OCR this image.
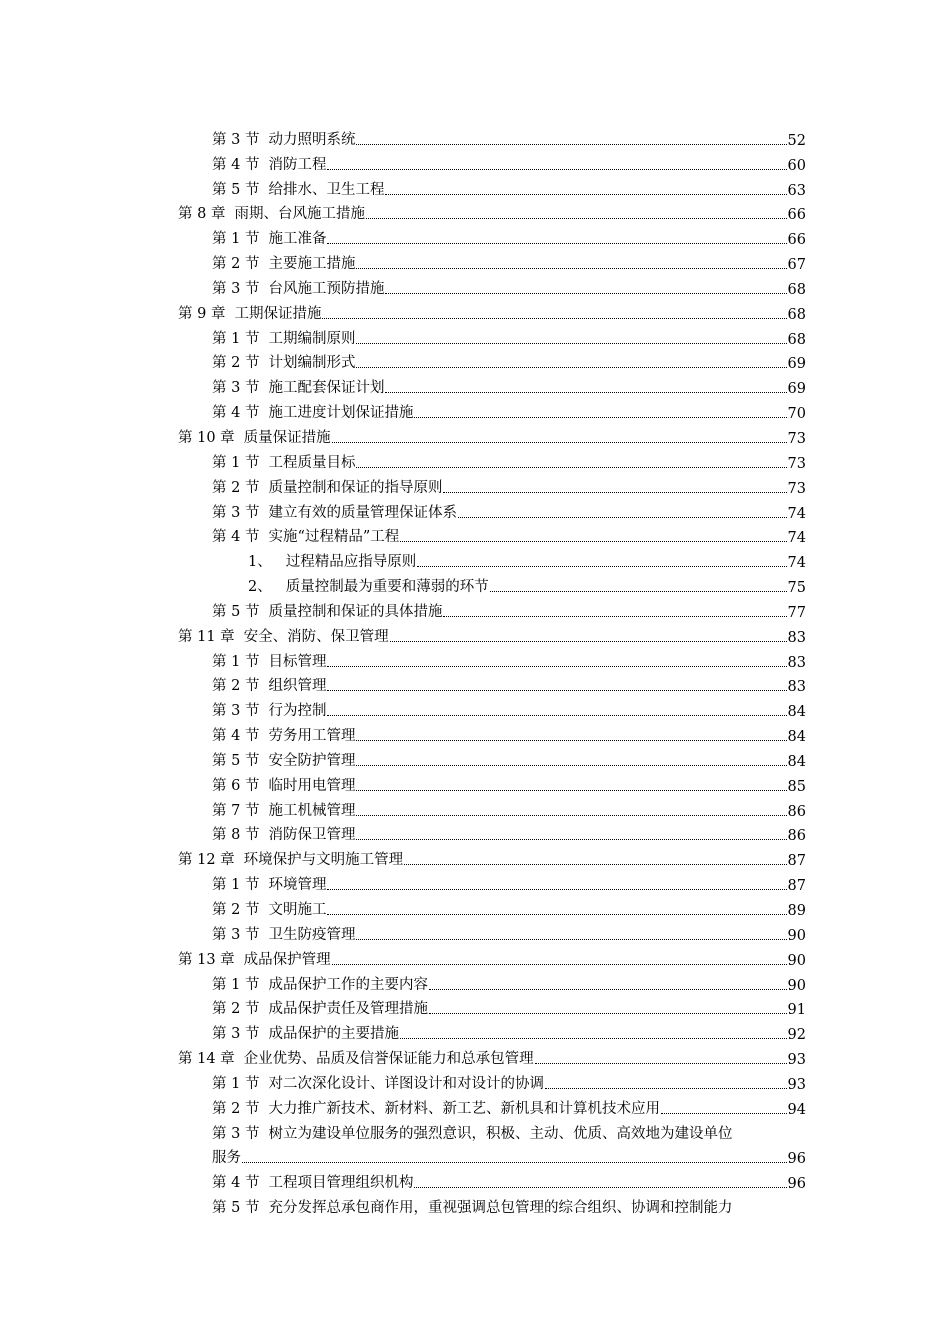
第 3 节 动力照明系统	52
第 4 节 消防工程	60
第 5 节 给排水、卫生工程	63
第 8 章 雨期、台风施工措施	66
第 1 节 施工准备	66
第 2 节 主要施工措施	67
第 3 节 台风施工预防措施	68
第 9 章 工期保证措施	68
第 1 节 工期编制原则	68
第 2 节 计划编制形式	69
第 3 节 施工配套保证计划	69
第 4 节 施工进度计划保证措施	70
第 10 章 质量保证措施	73
第 1 节 工程质量目标	73
第 2 节 质量控制和保证的指导原则	73
第 3 节 建立有效的质量管理保证体系	74
第 4 节 实施“过程精品”工程	74
1、 过程精品应指导原则	74
2、 质量控制最为重要和薄弱的环节	75
第 5 节 质量控制和保证的具体措施	77
第 11 章 安全、消防、保卫管理	83
第 1 节 目标管理	83
第 2 节 组织管理	83
第 3 节 行为控制	84
第 4 节 劳务用工管理	84
第 5 节 安全防护管理	84
第 6 节 临时用电管理	85
第 7 节 施工机械管理	86
第 8 节 消防保卫管理	86
第 12 章 环境保护与文明施工管理	87
第 1 节 环境管理	87
第 2 节 文明施工	89
第 3 节 卫生防疫管理	90
第 13 章 成品保护管理	90
第 1 节 成品保护工作的主要内容	90
第 2 节 成品保护责任及管理措施	91
第 3 节 成品保护的主要措施	92
第 14 章 企业优势、品质及信誉保证能力和总承包管理	93
第 1 节 对二次深化设计、详图设计和对设计的协调	93
第 2 节 大力推广新技术、新材料、新工艺、新机具和计算机技术应用	94
第 3 节 树立为建设单位服务的强烈意识，积极、主动、优质、高效地为建设单位
服务	96
第 4 节 工程项目管理组织机构	96
第 5 节 充分发挥总承包商作用，重视强调总包管理的综合组织、协调和控制能力
